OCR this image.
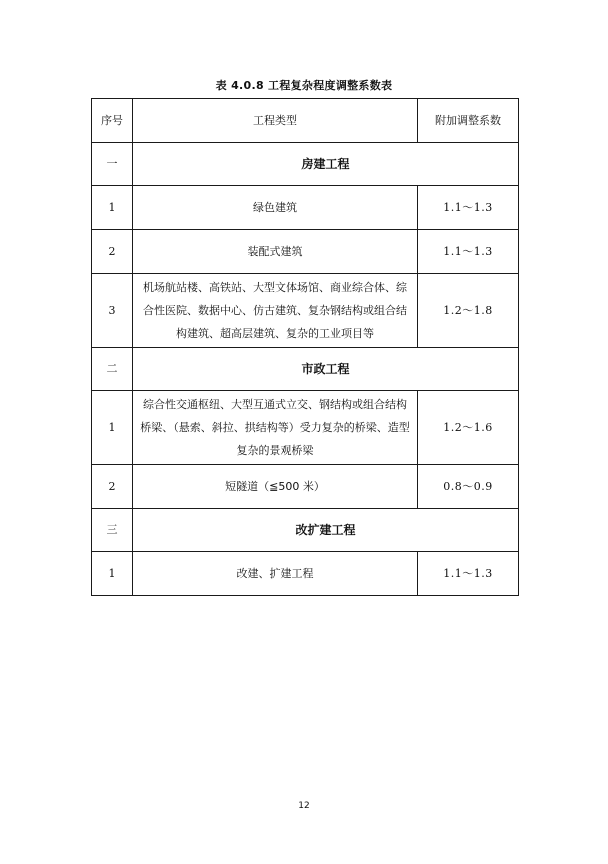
表 4.0.8 工程复杂程度调整系数表
序号	工程类型	附加调整系数
一	房建工程	
1	绿色建筑	1.1～1.3
2	装配式建筑	1.1～1.3
3	机场航站楼、高铁站、大型文体场馆、商业综合体、综合性医院、数据中心、仿古建筑、复杂钢结构或组合结构建筑、超高层建筑、复杂的工业项目等	1.2～1.8
二	市政工程	
1	综合性交通枢纽、大型互通式立交、钢结构或组合结构桥梁、（悬索、斜拉、拱结构等）受力复杂的桥梁、造型复杂的景观桥梁	1.2～1.6
2	短隧道（≦500 米）	0.8～0.9
三	改扩建工程	
1	改建、扩建工程	1.1～1.3
12
